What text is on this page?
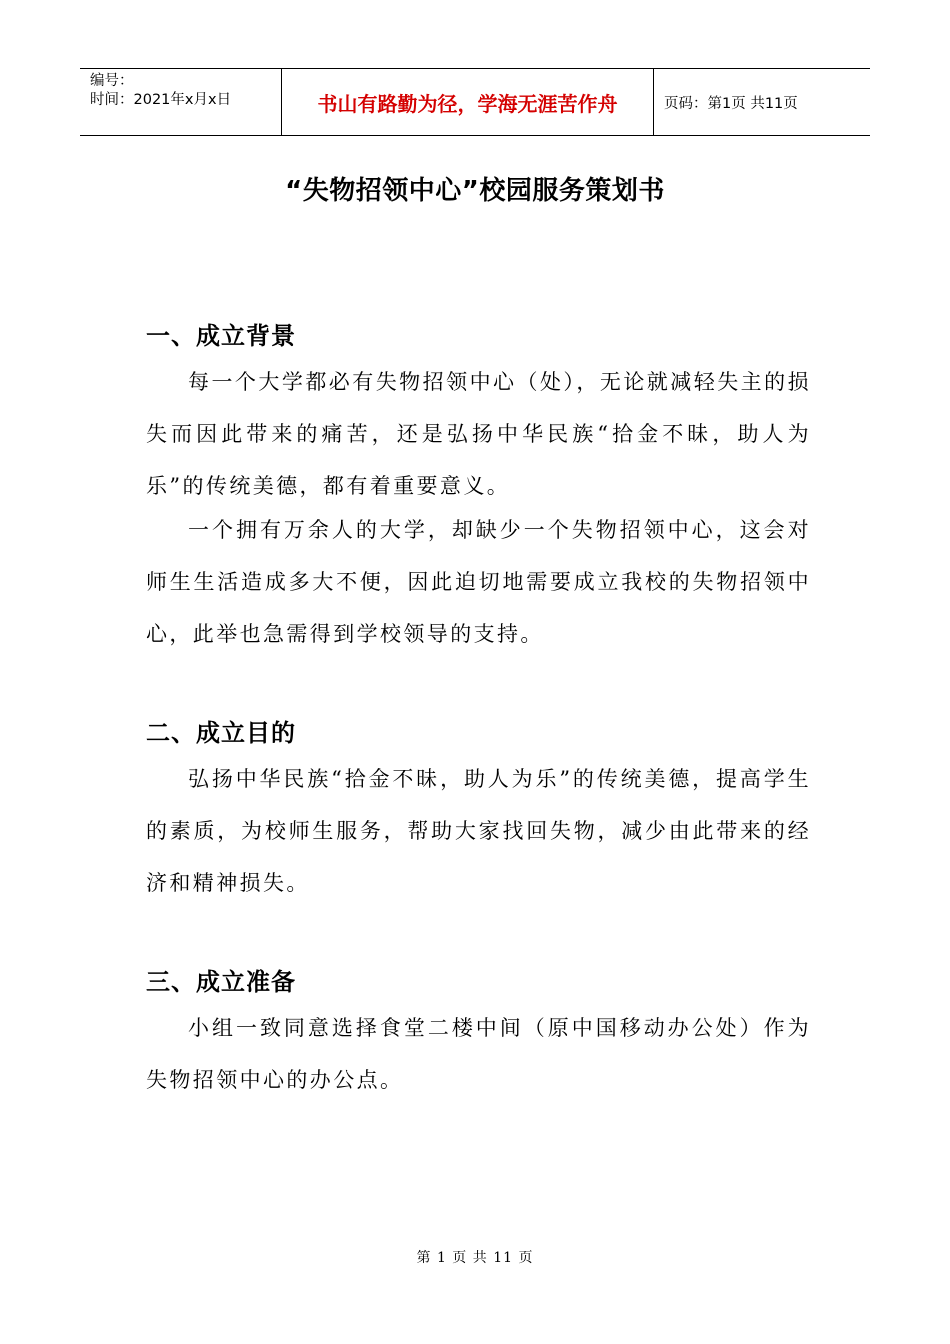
编号：
时间：2021年x月x日	书山有路勤为径，学海无涯苦作舟	页码：第1页 共11页
“失物招领中心”校园服务策划书
一、成立背景
每一个大学都必有失物招领中心（处），无论就减轻失主的损失而因此带来的痛苦，还是弘扬中华民族“拾金不昧，助人为乐”的传统美德，都有着重要意义。
一个拥有万余人的大学，却缺少一个失物招领中心，这会对师生生活造成多大不便，因此迫切地需要成立我校的失物招领中心，此举也急需得到学校领导的支持。
二、成立目的
弘扬中华民族“拾金不昧，助人为乐”的传统美德，提高学生的素质，为校师生服务，帮助大家找回失物，减少由此带来的经济和精神损失。
三、成立准备
小组一致同意选择食堂二楼中间（原中国移动办公处）作为失物招领中心的办公点。
第 1 页 共 11 页
